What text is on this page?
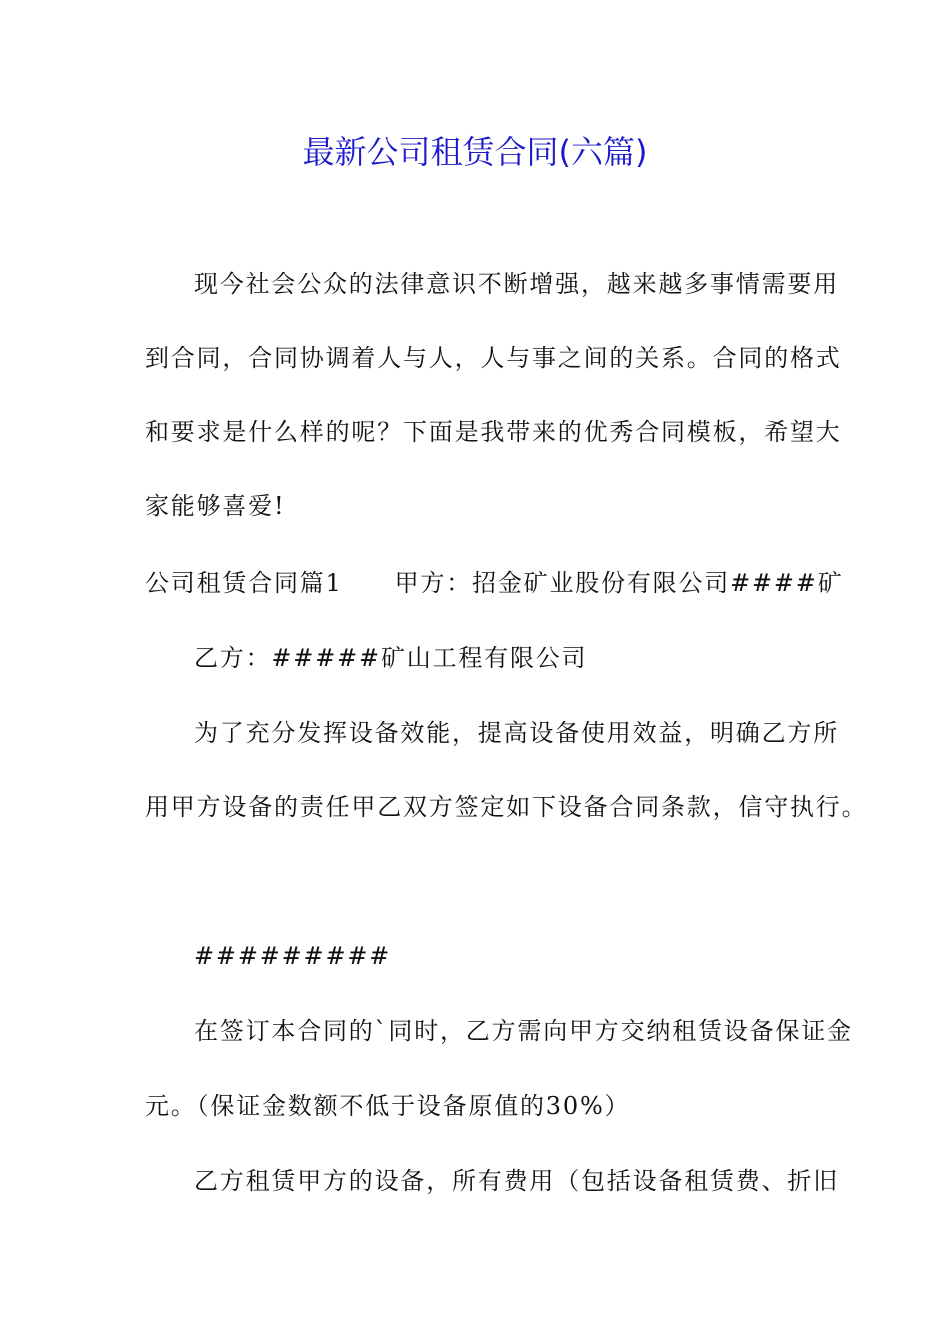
最新公司租赁合同(六篇)
现今社会公众的法律意识不断增强，越来越多事情需要用
到合同，合同协调着人与人，人与事之间的关系。合同的格式
和要求是什么样的呢？下面是我带来的优秀合同模板，希望大
家能够喜爱!
公司租赁合同篇1 甲方：招金矿业股份有限公司####矿
乙方：#####矿山工程有限公司
为了充分发挥设备效能，提高设备使用效益，明确乙方所
用甲方设备的责任甲乙双方签定如下设备合同条款，信守执行。
#########
在签订本合同的`同时，乙方需向甲方交纳租赁设备保证金
元。（保证金数额不低于设备原值的30%）
乙方租赁甲方的设备，所有费用（包括设备租赁费、折旧
